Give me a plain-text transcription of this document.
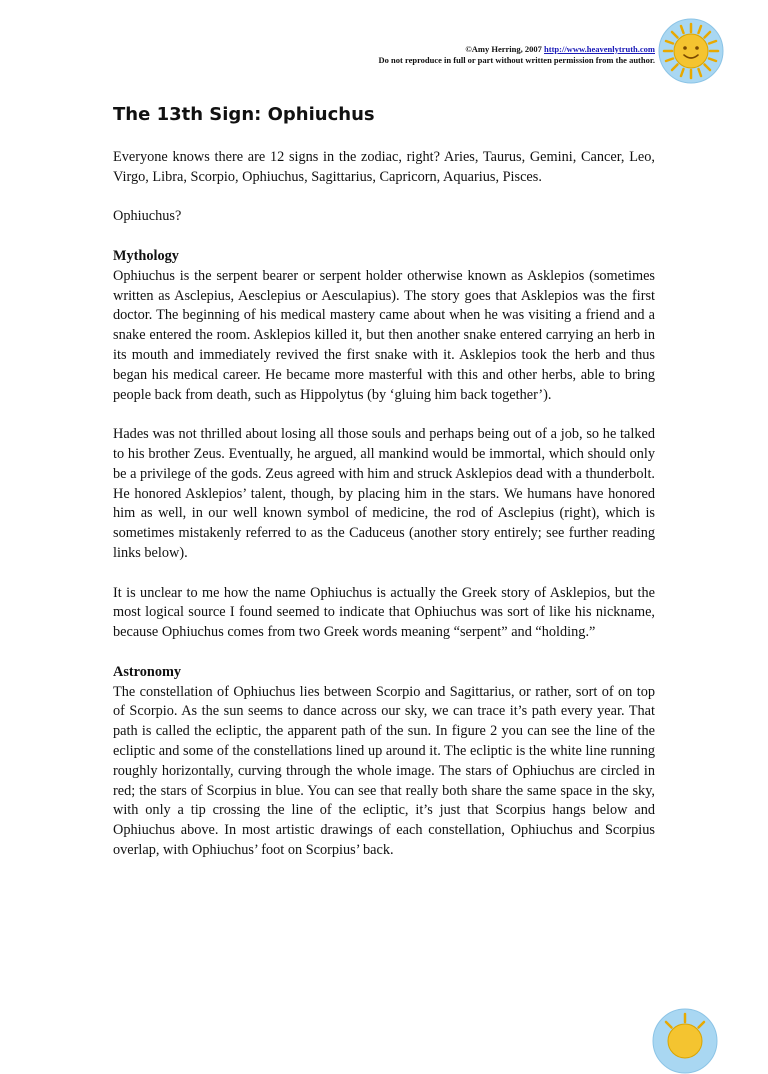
©Amy Herring, 2007 http://www.heavenlytruth.com
Do not reproduce in full or part without written permission from the author.
The 13th Sign: Ophiuchus

Everyone knows there are 12 signs in the zodiac, right? Aries, Taurus, Gemini, Cancer, Leo, Virgo, Libra, Scorpio, Ophiuchus, Sagittarius, Capricorn, Aquarius, Pisces.

Ophiuchus?

Mythology

Ophiuchus is the serpent bearer or serpent holder otherwise known as Asklepios (sometimes written as Asclepius, Aesclepius or Aesculapius). The story goes that Asklepios was the first doctor. The beginning of his medical mastery came about when he was visiting a friend and a snake entered the room. Asklepios killed it, but then another snake entered carrying an herb in its mouth and immediately revived the first snake with it. Asklepios took the herb and thus began his medical career. He became more masterful with this and other herbs, able to bring people back from death, such as Hippolytus (by ‘gluing him back together’).

Hades was not thrilled about losing all those souls and perhaps being out of a job, so he talked to his brother Zeus. Eventually, he argued, all mankind would be immortal, which should only be a privilege of the gods. Zeus agreed with him and struck Asklepios dead with a thunderbolt. He honored Asklepios’ talent, though, by placing him in the stars. We humans have honored him as well, in our well known symbol of medicine, the rod of Asclepius (right), which is sometimes mistakenly referred to as the Caduceus (another story entirely; see further reading links below).

It is unclear to me how the name Ophiuchus is actually the Greek story of Asklepios, but the most logical source I found seemed to indicate that Ophiuchus was sort of like his nickname, because Ophiuchus comes from two Greek words meaning “serpent” and “holding.”

Astronomy

The constellation of Ophiuchus lies between Scorpio and Sagittarius, or rather, sort of on top of Scorpio. As the sun seems to dance across our sky, we can trace it’s path every year. That path is called the ecliptic, the apparent path of the sun. In figure 2 you can see the line of the ecliptic and some of the constellations lined up around it. The ecliptic is the white line running roughly horizontally, curving through the whole image. The stars of Ophiuchus are circled in red; the stars of Scorpius in blue. You can see that really both share the same space in the sky, with only a tip crossing the line of the ecliptic, it’s just that Scorpius hangs below and Ophiuchus above. In most artistic drawings of each constellation, Ophiuchus and Scorpius overlap, with Ophiuchus’ foot on Scorpius’ back.
